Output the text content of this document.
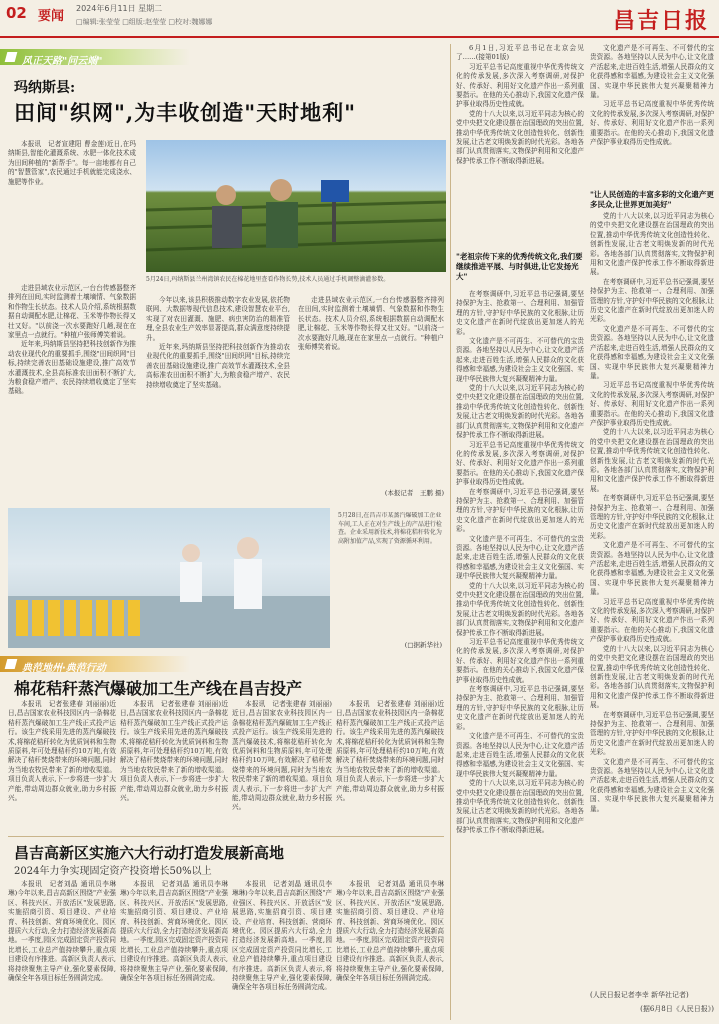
02 要闻
2024年6月11日 星期二
□编辑:张莹莹 □组版:赵莹莹 □校对:魏娜娜	昌吉日报
风正天路"问云端"
玛纳斯县:
田间"织网",为丰收创造"天时地利"

本报讯　记者宣建阳 曹金莲)近日,在玛纳斯县,智能化灌溉系统、水肥一体化技术成为田间种植的"新帮手"。每一亩地都有自己的"智慧管家",农民通过手机就能完成浇水、施肥等作业。

5月24日,玛纳斯县兰州湾镇农民在棉花地里查看作物长势,技术人员通过手机调整滴灌参数。

走进县域农业示范区,一台台传感器整齐排列在田间,实时监测着土壤墒情、气象数据和作物生长状态。技术人员介绍,系统根据数据自动调配水肥,让棉花、玉米等作物长得又壮又好。"以前浇一次水要跑好几趟,现在在家里点一点就行。"种植户张师傅笑着说。

近年来,玛纳斯县坚持把科技创新作为推动农业现代化的重要抓手,围绕"田间织网"目标,持续完善农田基础设施建设,推广高效节水灌溉技术,全县高标准农田面积不断扩大,为粮食稳产增产、农民持续增收奠定了坚实基础。

今年以来,该县积极推动数字农业发展,依托物联网、大数据等现代信息技术,建设智慧农业平台,实现了对农田灌溉、施肥、病虫害防治的精准管理,全县农业生产效率显著提高,群众满意度持续提升。

近年来,玛纳斯县坚持把科技创新作为推动农业现代化的重要抓手,围绕"田间织网"目标,持续完善农田基础设施建设,推广高效节水灌溉技术,全县高标准农田面积不断扩大,为粮食稳产增产、农民持续增收奠定了坚实基础。

走进县域农业示范区,一台台传感器整齐排列在田间,实时监测着土壤墒情、气象数据和作物生长状态。技术人员介绍,系统根据数据自动调配水肥,让棉花、玉米等作物长得又壮又好。"以前浇一次水要跑好几趟,现在在家里点一点就行。"种植户张师傅笑着说。

(本报记者　王鹏 摄)
5月28日,在昌吉市某蒸汽爆破加工企业车间,工人正在对生产线上的产品进行检查。企业采用新技术,将棉花秸秆转化为高附加值产品,实现了资源循环利用。
(□据新华社)
典范地州·典范行动
棉花秸秆蒸汽爆破加工生产线在昌吉投产

本报讯　记者张建春 刘丽丽)近日,昌吉国家农业科技园区内一条棉花秸秆蒸汽爆破加工生产线正式投产运行。该生产线采用先进的蒸汽爆破技术,将棉花秸秆转化为优质饲料和生物质原料,年可处理秸秆约10万吨,有效解决了秸秆焚烧带来的环境问题,同时为当地农牧民带来了新的增收渠道。项目负责人表示,下一步将进一步扩大产能,带动周边群众就业,助力乡村振兴。

本报讯　记者张建春 刘丽丽)近日,昌吉国家农业科技园区内一条棉花秸秆蒸汽爆破加工生产线正式投产运行。该生产线采用先进的蒸汽爆破技术,将棉花秸秆转化为优质饲料和生物质原料,年可处理秸秆约10万吨,有效解决了秸秆焚烧带来的环境问题,同时为当地农牧民带来了新的增收渠道。项目负责人表示,下一步将进一步扩大产能,带动周边群众就业,助力乡村振兴。

本报讯　记者张建春 刘丽丽)近日,昌吉国家农业科技园区内一条棉花秸秆蒸汽爆破加工生产线正式投产运行。该生产线采用先进的蒸汽爆破技术,将棉花秸秆转化为优质饲料和生物质原料,年可处理秸秆约10万吨,有效解决了秸秆焚烧带来的环境问题,同时为当地农牧民带来了新的增收渠道。项目负责人表示,下一步将进一步扩大产能,带动周边群众就业,助力乡村振兴。

本报讯　记者张建春 刘丽丽)近日,昌吉国家农业科技园区内一条棉花秸秆蒸汽爆破加工生产线正式投产运行。该生产线采用先进的蒸汽爆破技术,将棉花秸秆转化为优质饲料和生物质原料,年可处理秸秆约10万吨,有效解决了秸秆焚烧带来的环境问题,同时为当地农牧民带来了新的增收渠道。项目负责人表示,下一步将进一步扩大产能,带动周边群众就业,助力乡村振兴。

昌吉高新区实施六大行动打造发展新高地
2024年力争实现固定资产投资增长50%以上

本报讯　记者刘晶 通讯员李琳琳)今年以来,昌吉高新区围绕"产业强区、科技兴区、开放活区"发展思路,实施招商引资、项目建设、产业培育、科技创新、营商环境优化、园区提质六大行动,全力打造经济发展新高地。一季度,园区完成固定资产投资同比增长,工业总产值持续攀升,重点项目建设有序推进。高新区负责人表示,将持续聚焦主导产业,强化要素保障,确保全年各项目标任务圆满完成。

本报讯　记者刘晶 通讯员李琳琳)今年以来,昌吉高新区围绕"产业强区、科技兴区、开放活区"发展思路,实施招商引资、项目建设、产业培育、科技创新、营商环境优化、园区提质六大行动,全力打造经济发展新高地。一季度,园区完成固定资产投资同比增长,工业总产值持续攀升,重点项目建设有序推进。高新区负责人表示,将持续聚焦主导产业,强化要素保障,确保全年各项目标任务圆满完成。

本报讯　记者刘晶 通讯员李琳琳)今年以来,昌吉高新区围绕"产业强区、科技兴区、开放活区"发展思路,实施招商引资、项目建设、产业培育、科技创新、营商环境优化、园区提质六大行动,全力打造经济发展新高地。一季度,园区完成固定资产投资同比增长,工业总产值持续攀升,重点项目建设有序推进。高新区负责人表示,将持续聚焦主导产业,强化要素保障,确保全年各项目标任务圆满完成。

本报讯　记者刘晶 通讯员李琳琳)今年以来,昌吉高新区围绕"产业强区、科技兴区、开放活区"发展思路,实施招商引资、项目建设、产业培育、科技创新、营商环境优化、园区提质六大行动,全力打造经济发展新高地。一季度,园区完成固定资产投资同比增长,工业总产值持续攀升,重点项目建设有序推进。高新区负责人表示,将持续聚焦主导产业,强化要素保障,确保全年各项目标任务圆满完成。

6月1日,习近平总书记在北京会见了……(接第01版)

习近平总书记高度重视中华优秀传统文化的传承发展,多次深入考察调研,对保护好、传承好、利用好文化遗产作出一系列重要指示。在他的关心推动下,我国文化遗产保护事业取得历史性成就。

党的十八大以来,以习近平同志为核心的党中央把文化建设摆在治国理政的突出位置,推动中华优秀传统文化创造性转化、创新性发展,让古老文明焕发新的时代光彩。各地各部门认真贯彻落实,文物保护利用和文化遗产保护传承工作不断取得新进展。

"老祖宗传下来的优秀传统文化,我们要继续推进平展、与时俱进,让它发扬光大"

在考察调研中,习近平总书记强调,要坚持保护为主、抢救第一、合理利用、加强管理的方针,守护好中华民族的文化根脉,让历史文化遗产在新时代绽放出更加迷人的光彩。

文化遗产是不可再生、不可替代的宝贵资源。各地坚持以人民为中心,让文化遗产活起来,走进百姓生活,增强人民群众的文化获得感和幸福感,为建设社会主义文化强国、实现中华民族伟大复兴凝聚精神力量。

党的十八大以来,以习近平同志为核心的党中央把文化建设摆在治国理政的突出位置,推动中华优秀传统文化创造性转化、创新性发展,让古老文明焕发新的时代光彩。各地各部门认真贯彻落实,文物保护利用和文化遗产保护传承工作不断取得新进展。

习近平总书记高度重视中华优秀传统文化的传承发展,多次深入考察调研,对保护好、传承好、利用好文化遗产作出一系列重要指示。在他的关心推动下,我国文化遗产保护事业取得历史性成就。

在考察调研中,习近平总书记强调,要坚持保护为主、抢救第一、合理利用、加强管理的方针,守护好中华民族的文化根脉,让历史文化遗产在新时代绽放出更加迷人的光彩。

文化遗产是不可再生、不可替代的宝贵资源。各地坚持以人民为中心,让文化遗产活起来,走进百姓生活,增强人民群众的文化获得感和幸福感,为建设社会主义文化强国、实现中华民族伟大复兴凝聚精神力量。

党的十八大以来,以习近平同志为核心的党中央把文化建设摆在治国理政的突出位置,推动中华优秀传统文化创造性转化、创新性发展,让古老文明焕发新的时代光彩。各地各部门认真贯彻落实,文物保护利用和文化遗产保护传承工作不断取得新进展。

习近平总书记高度重视中华优秀传统文化的传承发展,多次深入考察调研,对保护好、传承好、利用好文化遗产作出一系列重要指示。在他的关心推动下,我国文化遗产保护事业取得历史性成就。

在考察调研中,习近平总书记强调,要坚持保护为主、抢救第一、合理利用、加强管理的方针,守护好中华民族的文化根脉,让历史文化遗产在新时代绽放出更加迷人的光彩。

文化遗产是不可再生、不可替代的宝贵资源。各地坚持以人民为中心,让文化遗产活起来,走进百姓生活,增强人民群众的文化获得感和幸福感,为建设社会主义文化强国、实现中华民族伟大复兴凝聚精神力量。

党的十八大以来,以习近平同志为核心的党中央把文化建设摆在治国理政的突出位置,推动中华优秀传统文化创造性转化、创新性发展,让古老文明焕发新的时代光彩。各地各部门认真贯彻落实,文物保护利用和文化遗产保护传承工作不断取得新进展。

文化遗产是不可再生、不可替代的宝贵资源。各地坚持以人民为中心,让文化遗产活起来,走进百姓生活,增强人民群众的文化获得感和幸福感,为建设社会主义文化强国、实现中华民族伟大复兴凝聚精神力量。

习近平总书记高度重视中华优秀传统文化的传承发展,多次深入考察调研,对保护好、传承好、利用好文化遗产作出一系列重要指示。在他的关心推动下,我国文化遗产保护事业取得历史性成就。

"让人民创造的丰富多彩的文化遗产更多民众,让世界更加美好"

党的十八大以来,以习近平同志为核心的党中央把文化建设摆在治国理政的突出位置,推动中华优秀传统文化创造性转化、创新性发展,让古老文明焕发新的时代光彩。各地各部门认真贯彻落实,文物保护利用和文化遗产保护传承工作不断取得新进展。

在考察调研中,习近平总书记强调,要坚持保护为主、抢救第一、合理利用、加强管理的方针,守护好中华民族的文化根脉,让历史文化遗产在新时代绽放出更加迷人的光彩。

文化遗产是不可再生、不可替代的宝贵资源。各地坚持以人民为中心,让文化遗产活起来,走进百姓生活,增强人民群众的文化获得感和幸福感,为建设社会主义文化强国、实现中华民族伟大复兴凝聚精神力量。

习近平总书记高度重视中华优秀传统文化的传承发展,多次深入考察调研,对保护好、传承好、利用好文化遗产作出一系列重要指示。在他的关心推动下,我国文化遗产保护事业取得历史性成就。

党的十八大以来,以习近平同志为核心的党中央把文化建设摆在治国理政的突出位置,推动中华优秀传统文化创造性转化、创新性发展,让古老文明焕发新的时代光彩。各地各部门认真贯彻落实,文物保护利用和文化遗产保护传承工作不断取得新进展。

在考察调研中,习近平总书记强调,要坚持保护为主、抢救第一、合理利用、加强管理的方针,守护好中华民族的文化根脉,让历史文化遗产在新时代绽放出更加迷人的光彩。

文化遗产是不可再生、不可替代的宝贵资源。各地坚持以人民为中心,让文化遗产活起来,走进百姓生活,增强人民群众的文化获得感和幸福感,为建设社会主义文化强国、实现中华民族伟大复兴凝聚精神力量。

习近平总书记高度重视中华优秀传统文化的传承发展,多次深入考察调研,对保护好、传承好、利用好文化遗产作出一系列重要指示。在他的关心推动下,我国文化遗产保护事业取得历史性成就。

党的十八大以来,以习近平同志为核心的党中央把文化建设摆在治国理政的突出位置,推动中华优秀传统文化创造性转化、创新性发展,让古老文明焕发新的时代光彩。各地各部门认真贯彻落实,文物保护利用和文化遗产保护传承工作不断取得新进展。

在考察调研中,习近平总书记强调,要坚持保护为主、抢救第一、合理利用、加强管理的方针,守护好中华民族的文化根脉,让历史文化遗产在新时代绽放出更加迷人的光彩。

文化遗产是不可再生、不可替代的宝贵资源。各地坚持以人民为中心,让文化遗产活起来,走进百姓生活,增强人民群众的文化获得感和幸福感,为建设社会主义文化强国、实现中华民族伟大复兴凝聚精神力量。

(人民日报记者李幸 新华社记者)
(据6月8日《人民日报》)
